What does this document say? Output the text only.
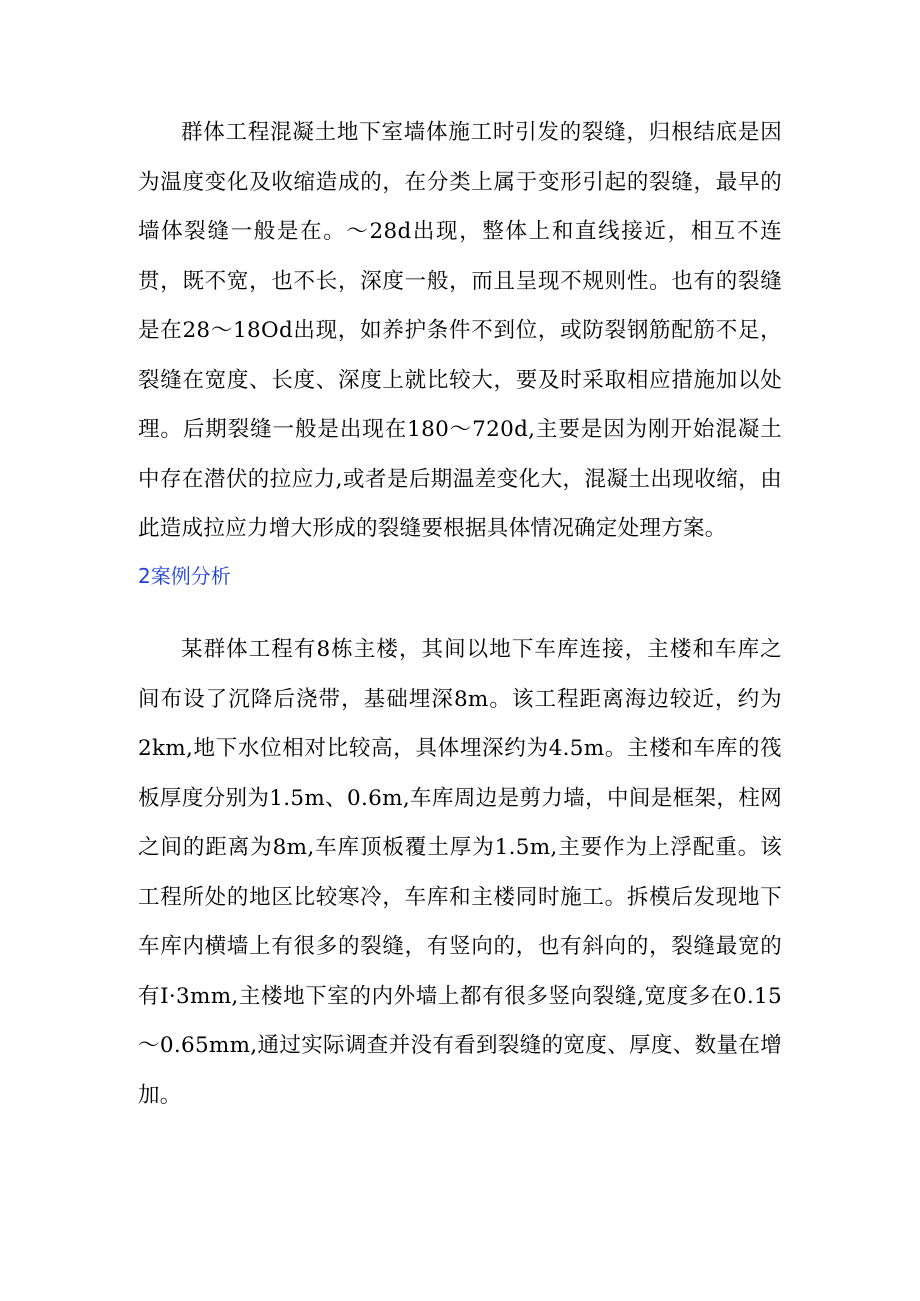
群体工程混凝土地下室墙体施工时引发的裂缝，归根结底是因为温度变化及收缩造成的，在分类上属于变形引起的裂缝，最早的墙体裂缝一般是在。～28d出现，整体上和直线接近，相互不连贯，既不宽，也不长，深度一般，而且呈现不规则性。也有的裂缝是在28～18Od出现，如养护条件不到位，或防裂钢筋配筋不足，裂缝在宽度、长度、深度上就比较大，要及时采取相应措施加以处理。后期裂缝一般是出现在180～720d,主要是因为刚开始混凝土中存在潜伏的拉应力,或者是后期温差变化大，混凝土出现收缩，由此造成拉应力增大形成的裂缝要根据具体情况确定处理方案。

2案例分析

某群体工程有8栋主楼，其间以地下车库连接，主楼和车库之间布设了沉降后浇带，基础埋深8m。该工程距离海边较近，约为2km,地下水位相对比较高，具体埋深约为4.5m。主楼和车库的筏板厚度分别为1.5m、0.6m,车库周边是剪力墙，中间是框架，柱网之间的距离为8m,车库顶板覆土厚为1.5m,主要作为上浮配重。该工程所处的地区比较寒冷，车库和主楼同时施工。拆模后发现地下车库内横墙上有很多的裂缝，有竖向的，也有斜向的，裂缝最宽的有I·3mm,主楼地下室的内外墙上都有很多竖向裂缝,宽度多在0.15～0.65mm,通过实际调查并没有看到裂缝的宽度、厚度、数量在增加。
